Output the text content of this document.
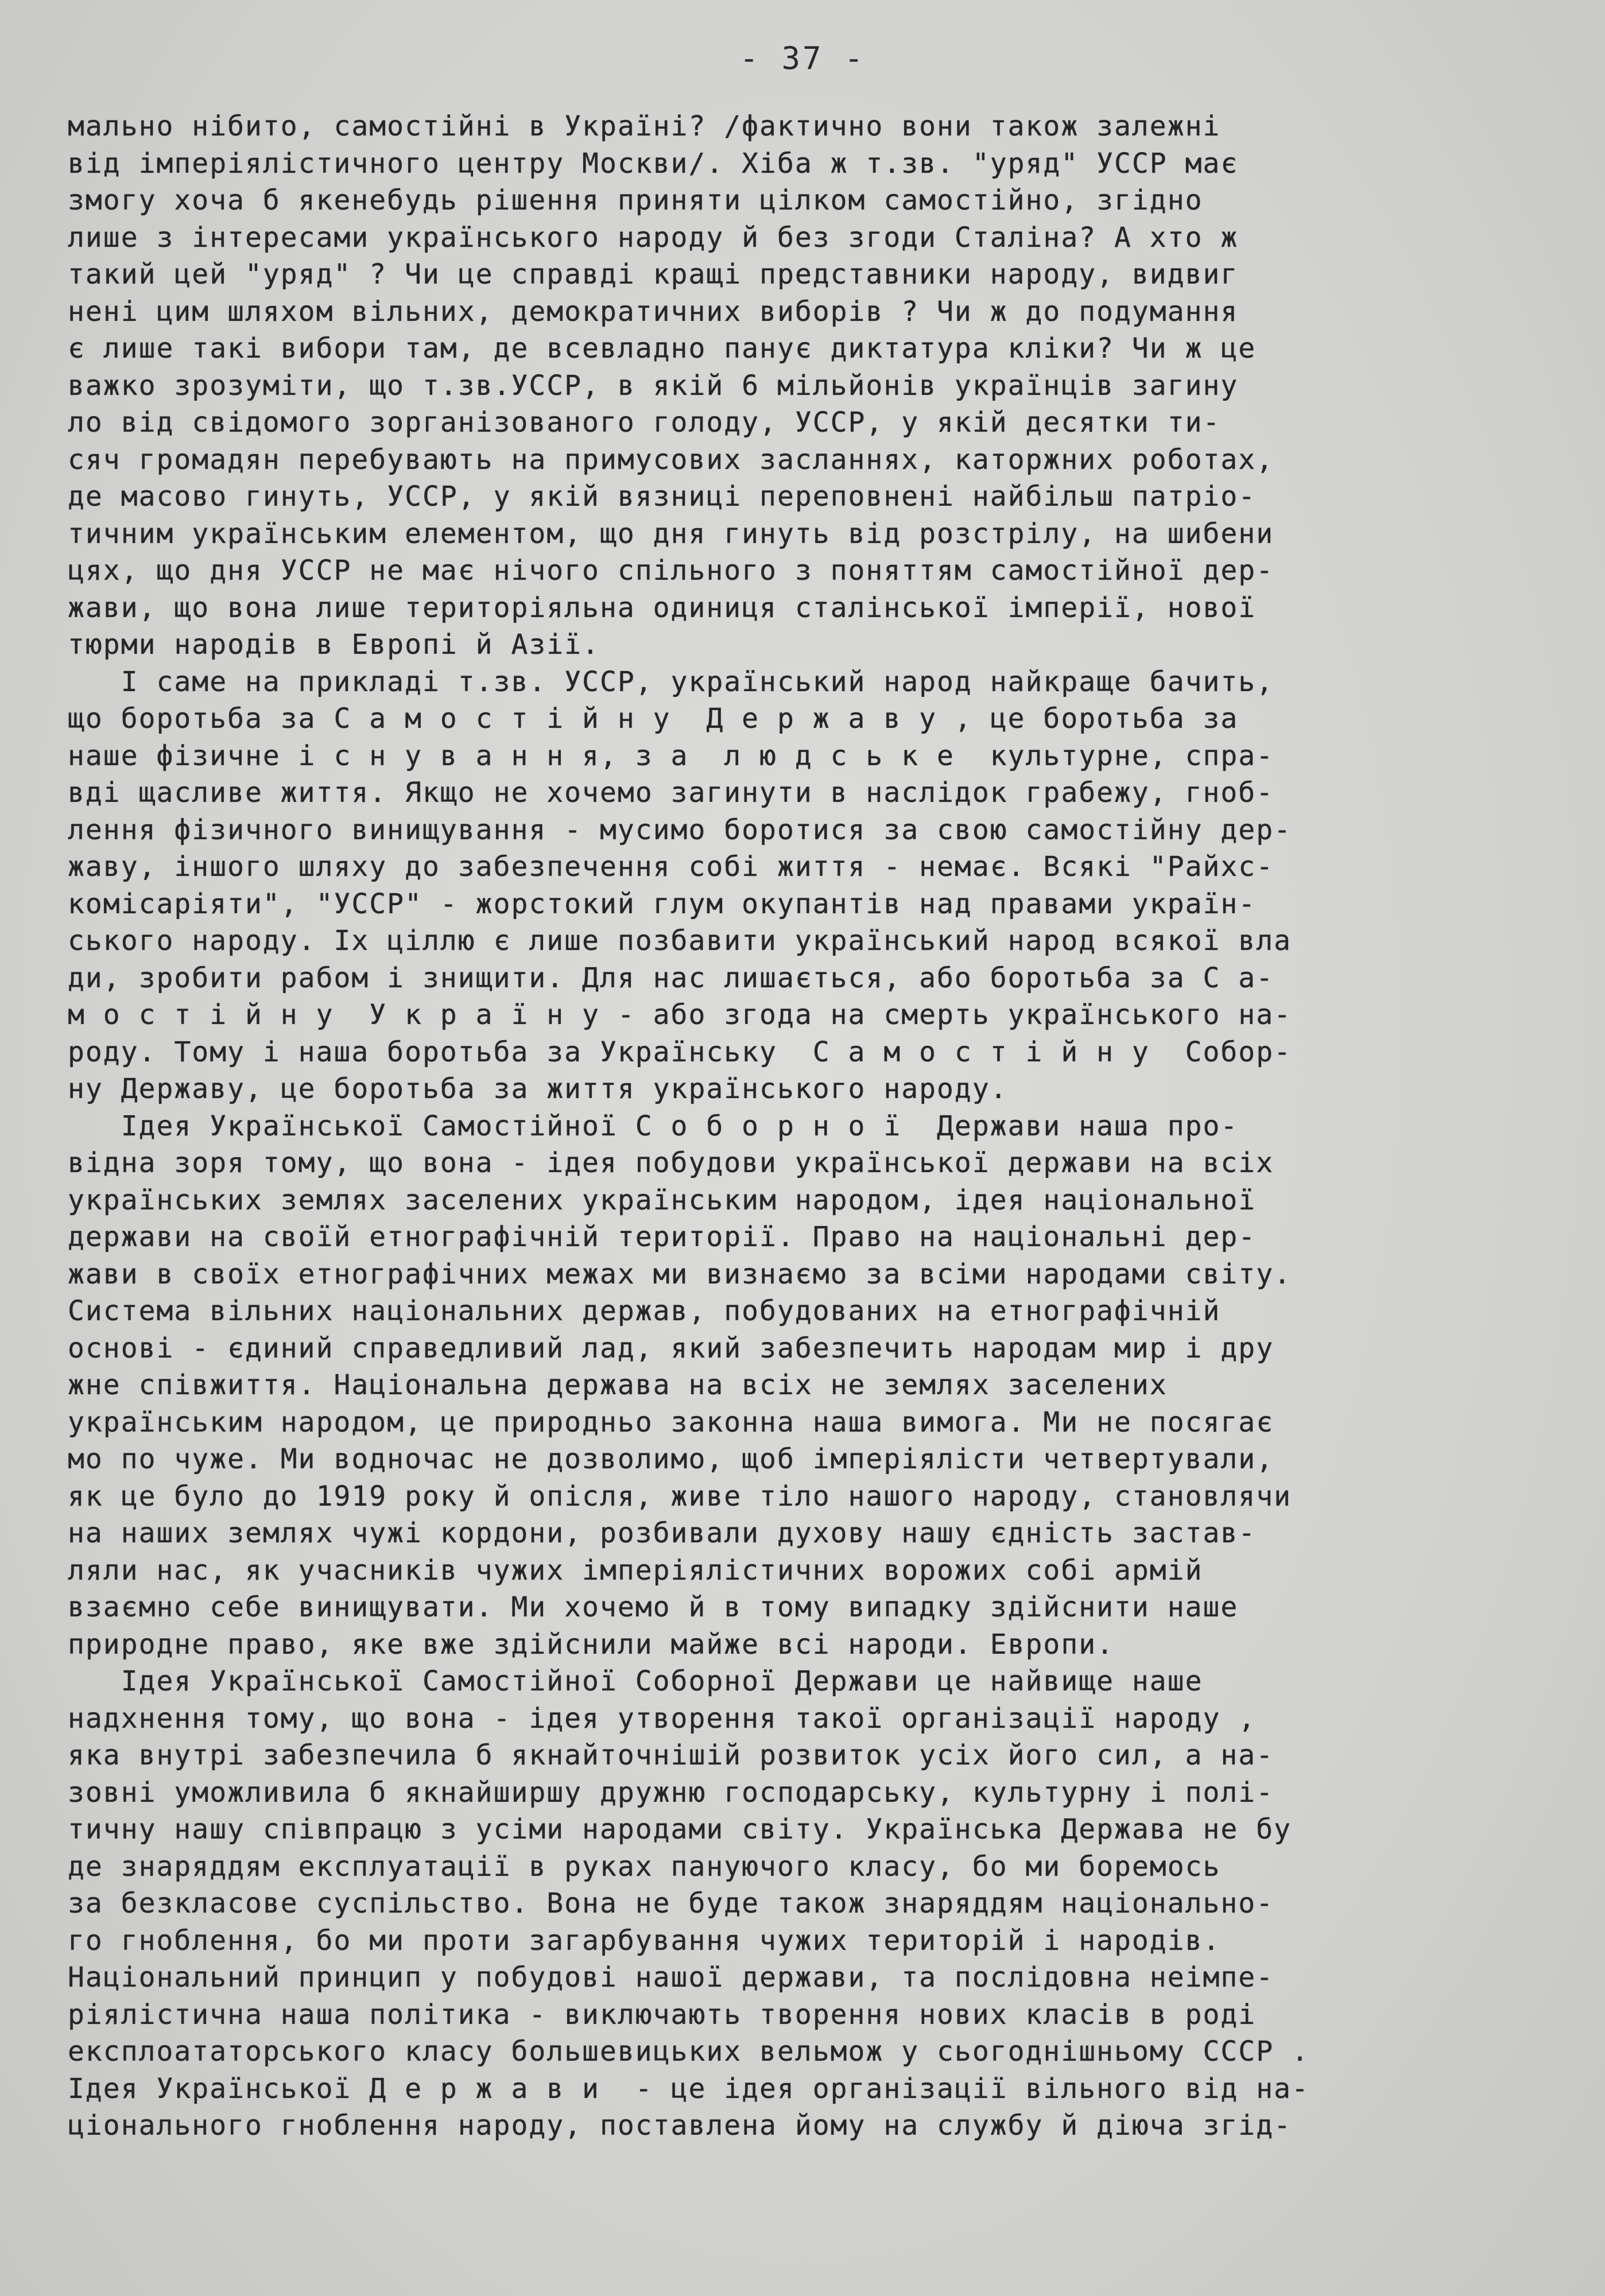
- 37 -
мально нібито, самостійні в Україні? /фактично вони також залежні
від імперіялістичного центру Москви/. Хіба ж т.зв. "уряд" УССР має
змогу хоча б якенебудь рішення приняти цілком самостійно, згідно
лише з інтересами українського народу й без згоди Сталіна? А хто ж
такий цей "уряд" ? Чи це справді кращі представники народу, видвиг
нені цим шляхом вільних, демократичних виборів ? Чи ж до подумання
є лише такі вибори там, де всевладно панує диктатура кліки? Чи ж це
важко зрозуміти, що т.зв.УССР, в якій 6 мільйонів українців загину
ло від свідомого зорганізованого голоду, УССР, у якій десятки ти-
сяч громадян перебувають на примусових засланнях, каторжних роботах,
де масово гинуть, УССР, у якій вязниці переповнені найбільш патріо-
тичним українським елементом, що дня гинуть від розстрілу, на шибени
цях, що дня УССР не має нічого спільного з поняттям самостійної дер-
жави, що вона лише територіяльна одиниця сталінської імперії, нової
тюрми народів в Европі й Азії.
І саме на прикладі т.зв. УССР, український народ найкраще бачить,
що боротьба за С а м о с т і й н у  Д е р ж а в у , це боротьба за
наше фізичне і с н у в а н н я, з а  л ю д с ь к е  культурне, спра-
вді щасливе життя. Якщо не хочемо загинути в наслідок грабежу, гноб-
лення фізичного винищування - мусимо боротися за свою самостійну дер-
жаву, іншого шляху до забезпечення собі життя - немає. Всякі "Райхс-
комісаріяти", "УССР" - жорстокий глум окупантів над правами україн-
ського народу. Іх ціллю є лише позбавити український народ всякої вла
ди, зробити рабом і знищити. Для нас лишається, або боротьба за С а-
м о с т і й н у  У к р а ї н у - або згода на смерть українського на-
роду. Тому і наша боротьба за Українську  С а м о с т і й н у  Собор-
ну Державу, це боротьба за життя українського народу.
Ідея Української Самостійної С о б о р н о ї  Держави наша про-
відна зоря тому, що вона - ідея побудови української держави на всіх
українських землях заселених українським народом, ідея національної
держави на своїй етнографічній території. Право на національні дер-
жави в своїх етнографічних межах ми визнаємо за всіми народами світу.
Система вільних національних держав, побудованих на етнографічній
основі - єдиний справедливий лад, який забезпечить народам мир і дру
жне співжиття. Національна держава на всіх не землях заселених
українським народом, це природньо законна наша вимога. Ми не посягає
мо по чуже. Ми водночас не дозволимо, щоб імперіялісти четвертували,
як це було до 1919 року й опісля, живе тіло нашого народу, становлячи
на наших землях чужі кордони, розбивали духову нашу єдність застав-
ляли нас, як учасників чужих імперіялістичних ворожих собі армій
взаємно себе винищувати. Ми хочемо й в тому випадку здійснити наше
природне право, яке вже здійснили майже всі народи. Европи.
Ідея Української Самостійної Соборної Держави це найвище наше
надхнення тому, що вона - ідея утворення такої організації народу ,
яка внутрі забезпечила б якнайточнішій розвиток усіх його сил, а на-
зовні уможливила б якнайширшу дружню господарську, культурну і полі-
тичну нашу співпрацю з усіми народами світу. Українська Держава не бу
де знаряддям експлуатації в руках пануючого класу, бо ми боремось
за безкласове суспільство. Вона не буде також знаряддям національно-
го гноблення, бо ми проти загарбування чужих територій і народів.
Національний принцип у побудові нашої держави, та послідовна неімпе-
ріялістична наша політика - виключають творення нових класів в роді
експлоататорського класу большевицьких вельмож у сьогоднішньому СССР .
Ідея Української Д е р ж а в и  - це ідея організації вільного від на-
ціонального гноблення народу, поставлена йому на службу й діюча згід-
